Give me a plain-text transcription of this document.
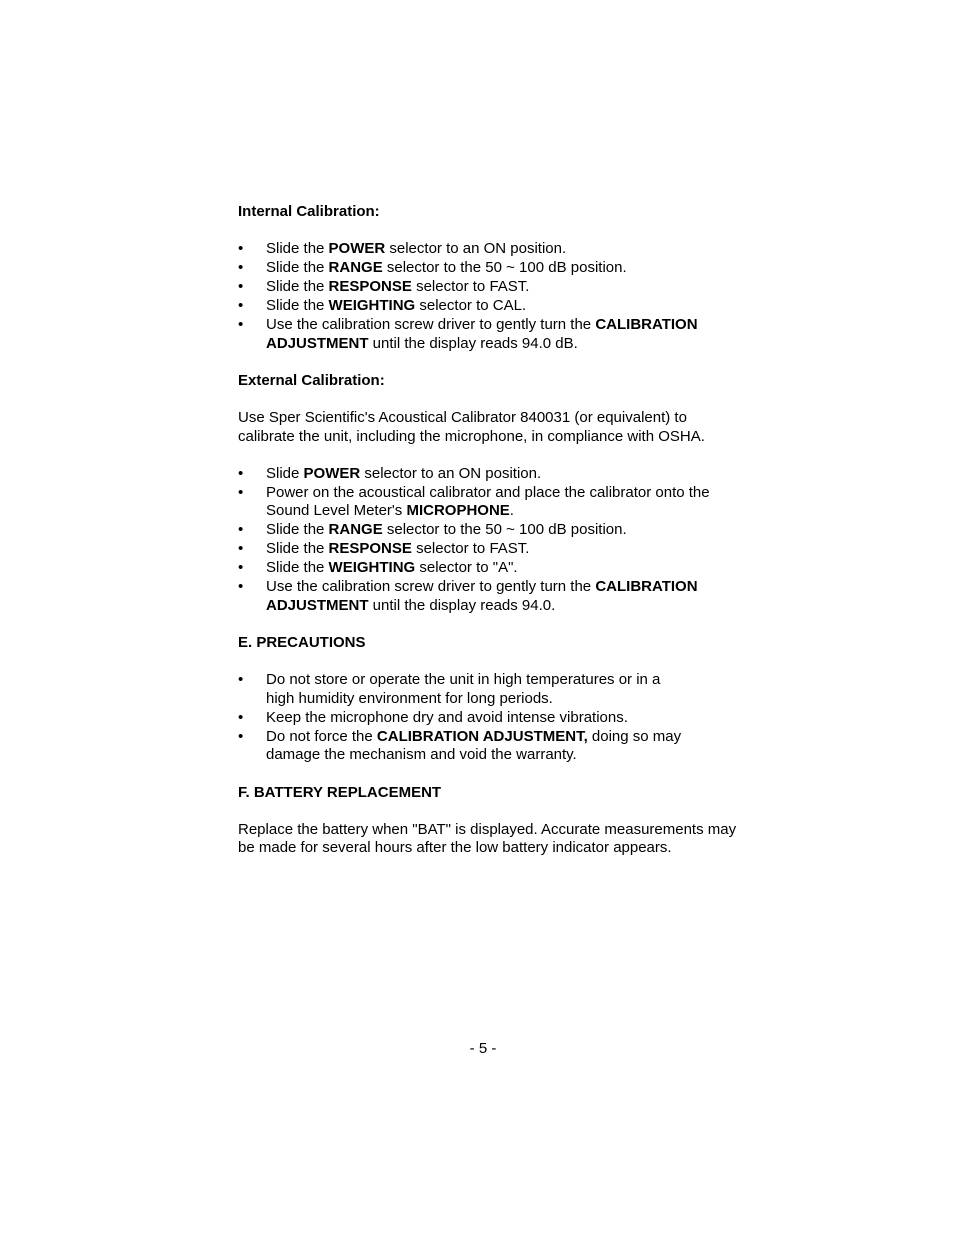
Internal Calibration:

• Slide the POWER selector to an ON position.
• Slide the RANGE selector to the 50 ~ 100 dB position.
• Slide the RESPONSE selector to FAST.
• Slide the WEIGHTING selector to CAL.
• Use the calibration screw driver to gently turn the CALIBRATION ADJUSTMENT until the display reads 94.0 dB.

External Calibration:

Use Sper Scientific's Acoustical Calibrator 840031 (or equivalent) to calibrate the unit, including the microphone, in compliance with OSHA.

• Slide POWER selector to an ON position.
• Power on the acoustical calibrator and place the calibrator onto the Sound Level Meter's MICROPHONE.
• Slide the RANGE selector to the 50 ~ 100 dB position.
• Slide the RESPONSE selector to FAST.
• Slide the WEIGHTING selector to "A".
• Use the calibration screw driver to gently turn the CALIBRATION ADJUSTMENT until the display reads 94.0.

E. PRECAUTIONS

• Do not store or operate the unit in high temperatures or in a
high humidity environment for long periods.
• Keep the microphone dry and avoid intense vibrations.
• Do not force the CALIBRATION ADJUSTMENT, doing so may damage the mechanism and void the warranty.

F. BATTERY REPLACEMENT

Replace the battery when "BAT" is displayed. Accurate measurements may be made for several hours after the low battery indicator appears.

- 5 -
